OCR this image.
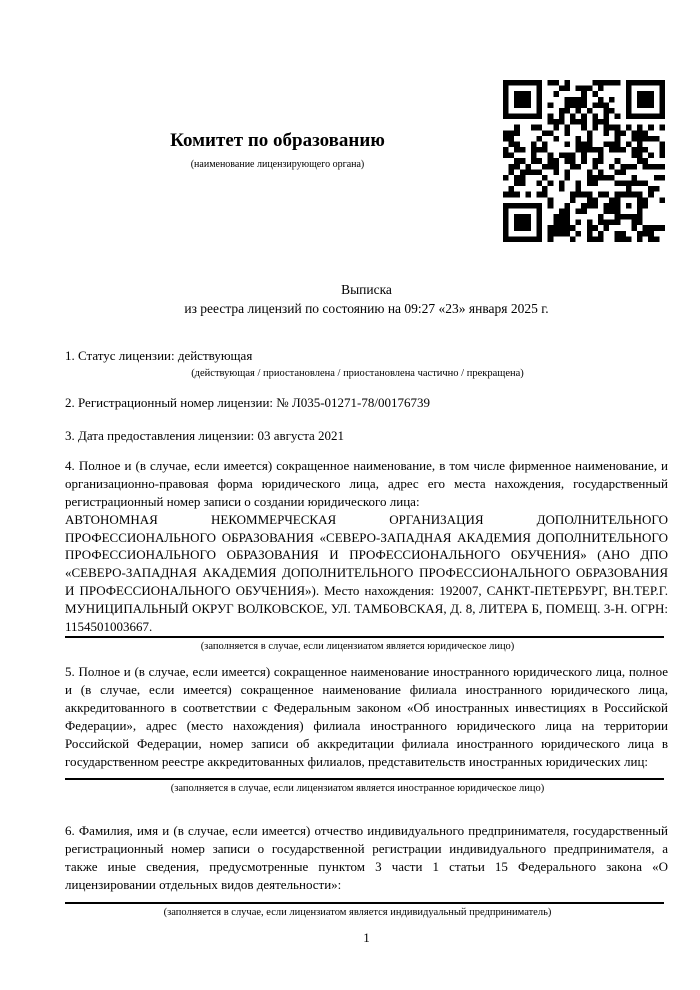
Комитет по образованию

(наименование лицензирующего органа)

Выписка

из реестра лицензий по состоянию на 09:27 «23» января 2025 г.

1. Статус лицензии: действующая

(действующая / приостановлена / приостановлена частично / прекращена)

2. Регистрационный номер лицензии: № Л035-01271-78/00176739

3. Дата предоставления лицензии: 03 августа 2021

4. Полное и (в случае, если имеется) сокращенное наименование, в том числе фирменное наименование, и организационно-правовая форма юридического лица, адрес его места нахождения, государственный регистрационный номер записи о создании юридического лица:

АВТОНОМНАЯ НЕКОММЕРЧЕСКАЯ ОРГАНИЗАЦИЯ ДОПОЛНИТЕЛЬНОГО ПРОФЕССИОНАЛЬНОГО ОБРАЗОВАНИЯ «СЕВЕРО-ЗАПАДНАЯ АКАДЕМИЯ ДОПОЛНИТЕЛЬНОГО ПРОФЕССИОНАЛЬНОГО ОБРАЗОВАНИЯ И ПРОФЕССИОНАЛЬНОГО ОБУЧЕНИЯ» (АНО ДПО «СЕВЕРО-ЗАПАДНАЯ АКАДЕМИЯ ДОПОЛНИТЕЛЬНОГО ПРОФЕССИОНАЛЬНОГО ОБРАЗОВАНИЯ И ПРОФЕССИОНАЛЬНОГО ОБУЧЕНИЯ»). Место нахождения: 192007, САНКТ-ПЕТЕРБУРГ, ВН.ТЕР.Г. МУНИЦИПАЛЬНЫЙ ОКРУГ ВОЛКОВСКОЕ, УЛ. ТАМБОВСКАЯ, Д. 8, ЛИТЕРА Б, ПОМЕЩ. 3-Н. ОГРН: 1154501003667.

(заполняется в случае, если лицензиатом является юридическое лицо)

5. Полное и (в случае, если имеется) сокращенное наименование иностранного юридического лица, полное и (в случае, если имеется) сокращенное наименование филиала иностранного юридического лица, аккредитованного в соответствии с Федеральным законом «Об иностранных инвестициях в Российской Федерации», адрес (место нахождения) филиала иностранного юридического лица на территории Российской Федерации, номер записи об аккредитации филиала иностранного юридического лица в государственном реестре аккредитованных филиалов, представительств иностранных юридических лиц:

(заполняется в случае, если лицензиатом является иностранное юридическое лицо)

6. Фамилия, имя и (в случае, если имеется) отчество индивидуального предпринимателя, государственный регистрационный номер записи о государственной регистрации индивидуального предпринимателя, а также иные сведения, предусмотренные пунктом 3 части 1 статьи 15 Федерального закона «О лицензировании отдельных видов деятельности»:

(заполняется в случае, если лицензиатом является индивидуальный предприниматель)

1
